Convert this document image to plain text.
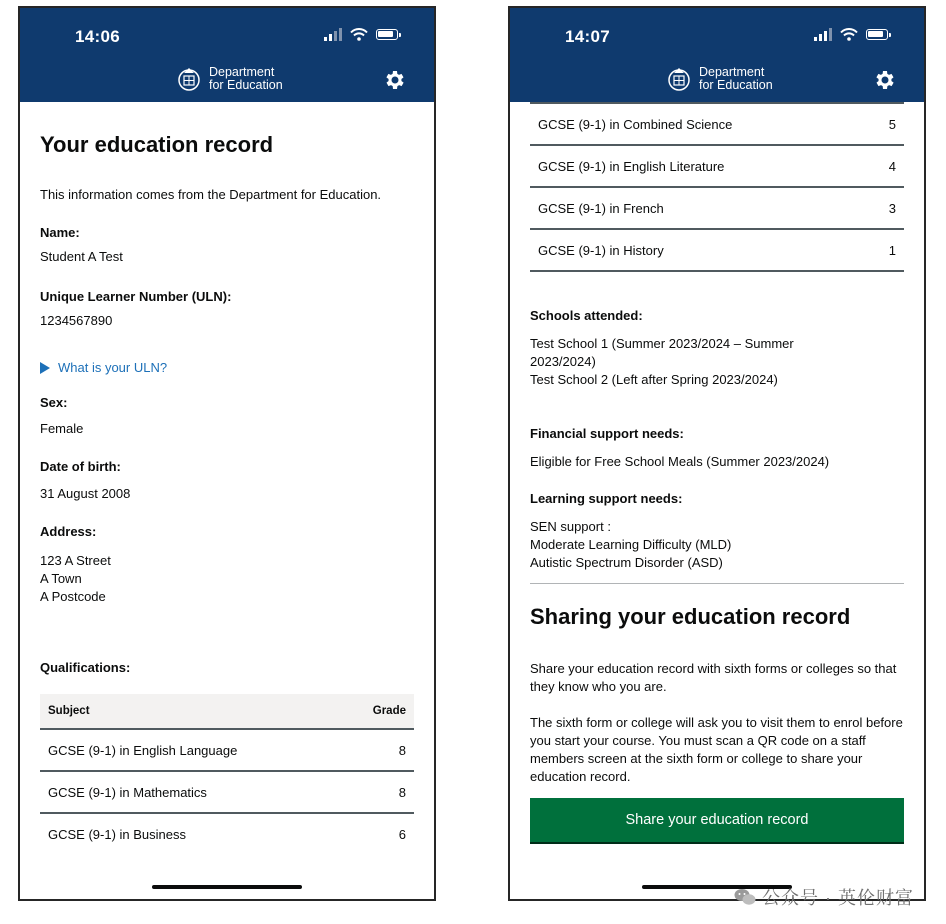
14:06
Department
for Education
Your education record
This information comes from the Department for Education.
Name:
Student A Test
Unique Learner Number (ULN):
1234567890
What is your ULN?
Sex:
Female
Date of birth:
31 August 2008
Address:
123 A Street
A Town
A Postcode
Qualifications:
Subject	Grade
GCSE (9-1) in English Language	8
GCSE (9-1) in Mathematics	8
GCSE (9-1) in Business	6
14:07
Department
for Education
GCSE (9-1) in Combined Science	5
GCSE (9-1) in English Literature	4
GCSE (9-1) in French	3
GCSE (9-1) in History	1
Schools attended:
Test School 1 (Summer 2023/2024 – Summer
2023/2024)
Test School 2 (Left after Spring 2023/2024)
Financial support needs:
Eligible for Free School Meals (Summer 2023/2024)
Learning support needs:
SEN support :
Moderate Learning Difficulty (MLD)
Autistic Spectrum Disorder (ASD)
Sharing your education record
Share your education record with sixth forms or colleges so that they know who you are.
The sixth form or college will ask you to visit them to enrol before you start your course. You must scan a QR code on a staff members screen at the sixth form or college to share your education record.
Share your education record
公众号 · 英伦财富
